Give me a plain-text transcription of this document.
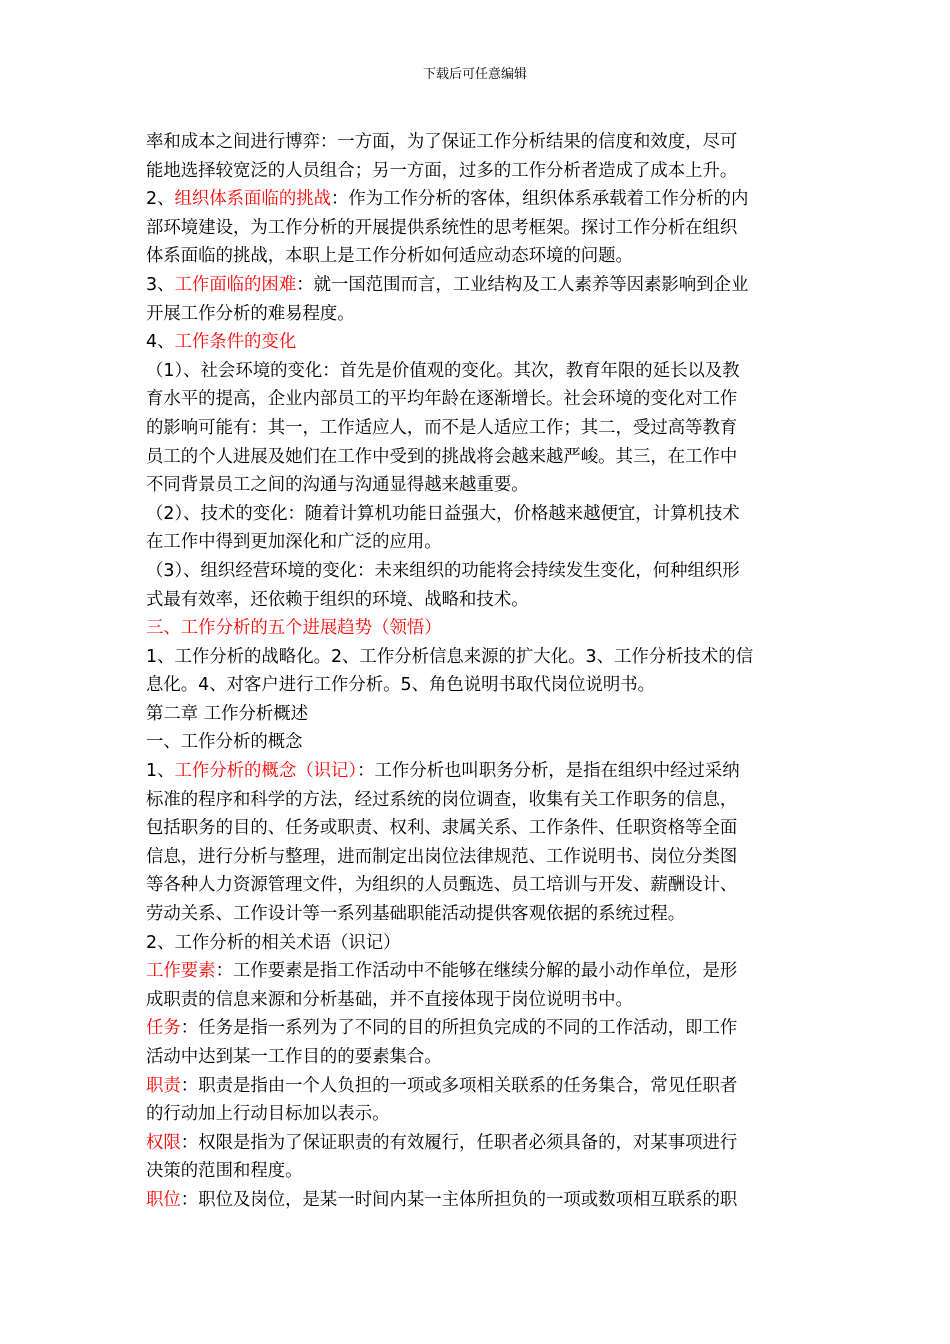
下载后可任意编辑
率和成本之间进行博弈：一方面，为了保证工作分析结果的信度和效度，尽可
能地选择较宽泛的人员组合；另一方面，过多的工作分析者造成了成本上升。
2、组织体系面临的挑战：作为工作分析的客体，组织体系承载着工作分析的内
部环境建设，为工作分析的开展提供系统性的思考框架。探讨工作分析在组织
体系面临的挑战，本职上是工作分析如何适应动态环境的问题。
3、工作面临的困难：就一国范围而言，工业结构及工人素养等因素影响到企业
开展工作分析的难易程度。
4、工作条件的变化
（1）、社会环境的变化：首先是价值观的变化。其次，教育年限的延长以及教
育水平的提高，企业内部员工的平均年龄在逐渐增长。社会环境的变化对工作
的影响可能有：其一，工作适应人，而不是人适应工作；其二，受过高等教育
员工的个人进展及她们在工作中受到的挑战将会越来越严峻。其三，在工作中
不同背景员工之间的沟通与沟通显得越来越重要。
（2）、技术的变化：随着计算机功能日益强大，价格越来越便宜，计算机技术
在工作中得到更加深化和广泛的应用。
（3）、组织经营环境的变化：未来组织的功能将会持续发生变化，何种组织形
式最有效率，还依赖于组织的环境、战略和技术。
三、工作分析的五个进展趋势（领悟）
1、工作分析的战略化。2、工作分析信息来源的扩大化。3、工作分析技术的信
息化。4、对客户进行工作分析。5、角色说明书取代岗位说明书。
第二章 工作分析概述
一、工作分析的概念
1、工作分析的概念（识记）：工作分析也叫职务分析，是指在组织中经过采纳
标准的程序和科学的方法，经过系统的岗位调查，收集有关工作职务的信息，
包括职务的目的、任务或职责、权利、隶属关系、工作条件、任职资格等全面
信息，进行分析与整理，进而制定出岗位法律规范、工作说明书、岗位分类图
等各种人力资源管理文件，为组织的人员甄选、员工培训与开发、薪酬设计、
劳动关系、工作设计等一系列基础职能活动提供客观依据的系统过程。
2、工作分析的相关术语（识记）
工作要素：工作要素是指工作活动中不能够在继续分解的最小动作单位，是形
成职责的信息来源和分析基础，并不直接体现于岗位说明书中。
任务：任务是指一系列为了不同的目的所担负完成的不同的工作活动，即工作
活动中达到某一工作目的的要素集合。
职责：职责是指由一个人负担的一项或多项相关联系的任务集合，常见任职者
的行动加上行动目标加以表示。
权限：权限是指为了保证职责的有效履行，任职者必须具备的，对某事项进行
决策的范围和程度。
职位：职位及岗位，是某一时间内某一主体所担负的一项或数项相互联系的职
